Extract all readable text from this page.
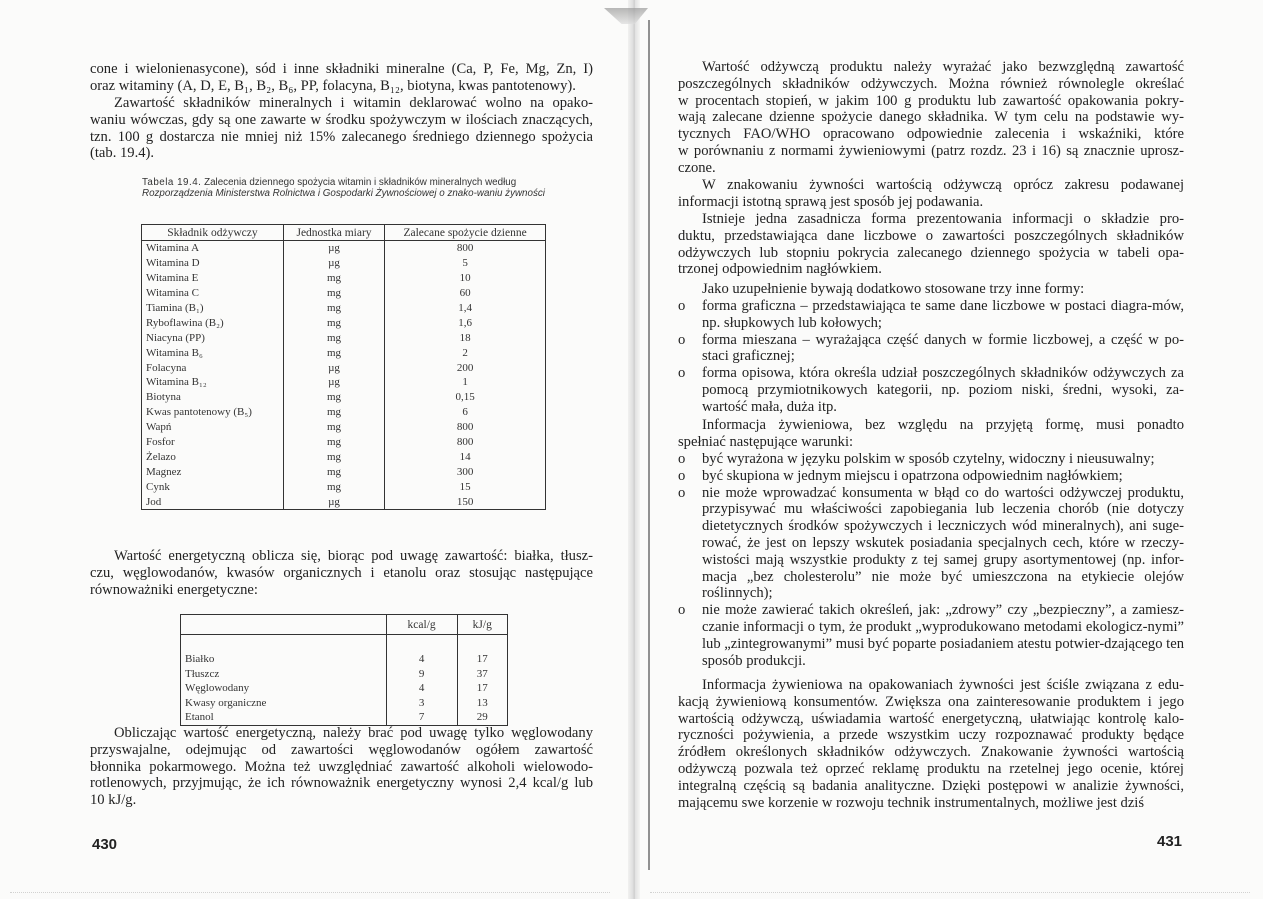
cone i wielonienasycone), sód i inne składniki mineralne (Ca, P, Fe, Mg, Zn, I)
oraz witaminy (A, D, E, B₁, B₂, B₆, PP, folacyna, B₁₂, biotyna, kwas pantotenowy).
Zawartość składników mineralnych i witamin deklarować wolno na opako-
waniu wówczas, gdy są one zawarte w środku spożywczym w ilościach znaczących,
tzn. 100 g dostarcza nie mniej niż 15% zalecanego średniego dziennego spożycia
(tab. 19.4).
Tabela 19.4. Zalecenia dziennego spożycia witamin i składników mineralnych według Rozporządzenia Ministerstwa Rolnictwa i Gospodarki Żywnościowej o znako-waniu żywności
Składnik odżywczy	Jednostka miary	Zalecane spożycie dzienne
Witamina A	µg	800
Witamina D	µg	5
Witamina E	mg	10
Witamina C	mg	60
Tiamina (B₁)	mg	1,4
Ryboflawina (B₂)	mg	1,6
Niacyna (PP)	mg	18
Witamina B₆	mg	2
Folacyna	µg	200
Witamina B₁₂	µg	1
Biotyna	mg	0,15
Kwas pantotenowy (B₅)	mg	6
Wapń	mg	800
Fosfor	mg	800
Żelazo	mg	14
Magnez	mg	300
Cynk	mg	15
Jod	µg	150
Wartość energetyczną oblicza się, biorąc pod uwagę zawartość: białka, tłusz-
czu, węglowodanów, kwasów organicznych i etanolu oraz stosując następujące
równoważniki energetyczne:
	kcal/g	kJ/g

Białko	4	17
Tłuszcz	9	37
Węglowodany	4	17
Kwasy organiczne	3	13
Etanol	7	29
Obliczając wartość energetyczną, należy brać pod uwagę tylko węglowodany
przyswajalne, odejmując od zawartości węglowodanów ogółem zawartość
błonnika pokarmowego. Można też uwzględniać zawartość alkoholi wielowodo-
rotlenowych, przyjmując, że ich równoważnik energetyczny wynosi 2,4 kcal/g lub
10 kJ/g.
430
Wartość odżywczą produktu należy wyrażać jako bezwzględną zawartość
poszczególnych składników odżywczych. Można również równolegle określać
w procentach stopień, w jakim 100 g produktu lub zawartość opakowania pokry-
wają zalecane dzienne spożycie danego składnika. W tym celu na podstawie wy-
tycznych FAO/WHO opracowano odpowiednie zalecenia i wskaźniki, które
w porównaniu z normami żywieniowymi (patrz rozdz. 23 i 16) są znacznie uprosz-
czone.
W znakowaniu żywności wartością odżywczą oprócz zakresu podawanej
informacji istotną sprawą jest sposób jej podawania.
Istnieje jedna zasadnicza forma prezentowania informacji o składzie pro-
duktu, przedstawiająca dane liczbowe o zawartości poszczególnych składników
odżywczych lub stopniu pokrycia zalecanego dziennego spożycia w tabeli opa-
trzonej odpowiednim nagłówkiem.
Jako uzupełnienie bywają dodatkowo stosowane trzy inne formy:
o forma graficzna – przedstawiająca te same dane liczbowe w postaci diagra-mów, np. słupkowych lub kołowych;
o forma mieszana – wyrażająca część danych w formie liczbowej, a część w po-staci graficznej;
o forma opisowa, która określa udział poszczególnych składników odżywczych za pomocą przymiotnikowych kategorii, np. poziom niski, średni, wysoki, za-wartość mała, duża itp.
Informacja żywieniowa, bez względu na przyjętą formę, musi ponadto
spełniać następujące warunki:
o być wyrażona w języku polskim w sposób czytelny, widoczny i nieusuwalny;
o być skupiona w jednym miejscu i opatrzona odpowiednim nagłówkiem;
o nie może wprowadzać konsumenta w błąd co do wartości odżywczej produktu, przypisywać mu właściwości zapobiegania lub leczenia chorób (nie dotyczy dietetycznych środków spożywczych i leczniczych wód mineralnych), ani suge-rować, że jest on lepszy wskutek posiadania specjalnych cech, które w rzeczy-wistości mają wszystkie produkty z tej samej grupy asortymentowej (np. infor-macja „bez cholesterolu” nie może być umieszczona na etykiecie olejów roślinnych);
o nie może zawierać takich określeń, jak: „zdrowy” czy „bezpieczny”, a zamiesz-czanie informacji o tym, że produkt „wyprodukowano metodami ekologicz-nymi” lub „zintegrowanymi” musi być poparte posiadaniem atestu potwier-dzającego ten sposób produkcji.
Informacja żywieniowa na opakowaniach żywności jest ściśle związana z edu-
kacją żywieniową konsumentów. Zwiększa ona zainteresowanie produktem i jego
wartością odżywczą, uświadamia wartość energetyczną, ułatwiając kontrolę kalo-
ryczności pożywienia, a przede wszystkim uczy rozpoznawać produkty będące
źródłem określonych składników odżywczych. Znakowanie żywności wartością
odżywczą pozwala też oprzeć reklamę produktu na rzetelnej jego ocenie, której
integralną częścią są badania analityczne. Dzięki postępowi w analizie żywności,
mającemu swe korzenie w rozwoju technik instrumentalnych, możliwe jest dziś
431
